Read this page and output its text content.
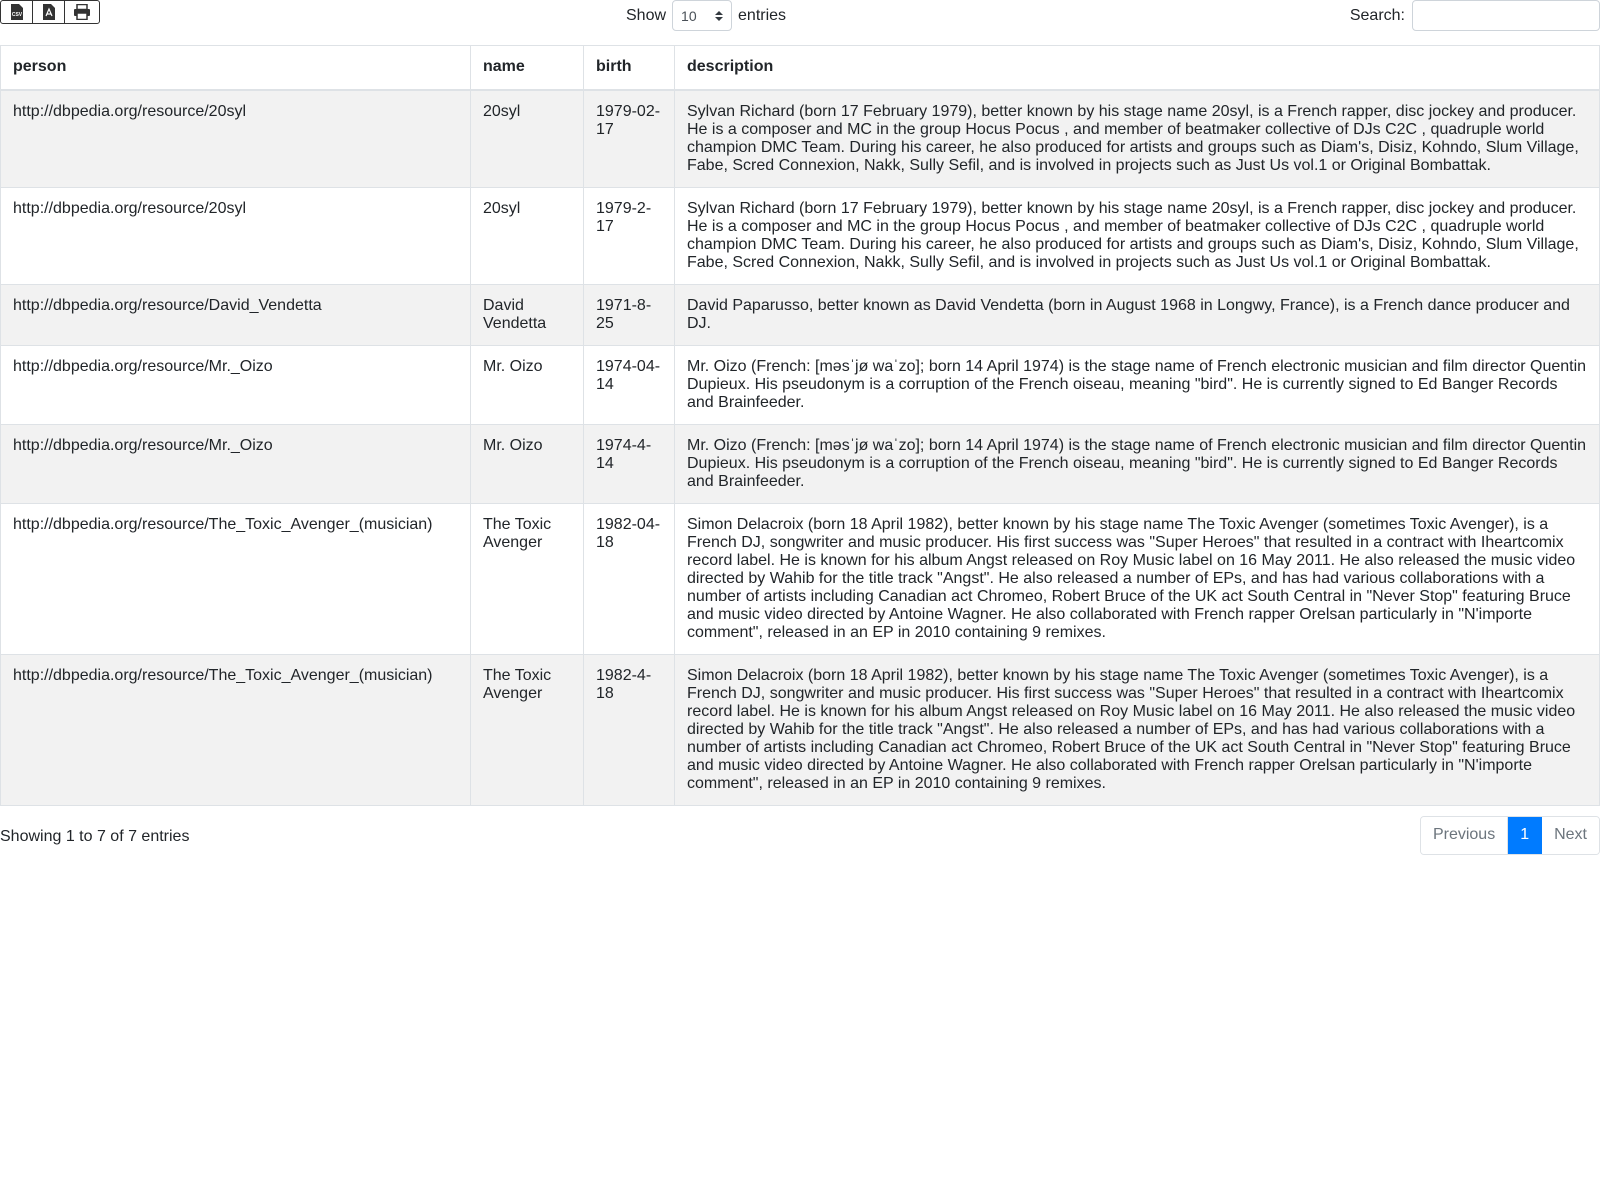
CSV	Show 10	entries	Search:
person	name	birth	description
http://dbpedia.org/resource/20syl	20syl	1979-02-17	Sylvan Richard (born 17 February 1979), better known by his stage name 20syl, is a French rapper, disc jockey and producer. He is a composer and MC in the group Hocus Pocus , and member of beatmaker collective of DJs C2C , quadruple world champion DMC Team. During his career, he also produced for artists and groups such as Diam's, Disiz, Kohndo, Slum Village, Fabe, Scred Connexion, Nakk, Sully Sefil, and is involved in projects such as Just Us vol.1 or Original Bombattak.
http://dbpedia.org/resource/20syl	20syl	1979-2-17	Sylvan Richard (born 17 February 1979), better known by his stage name 20syl, is a French rapper, disc jockey and producer. He is a composer and MC in the group Hocus Pocus , and member of beatmaker collective of DJs C2C , quadruple world champion DMC Team. During his career, he also produced for artists and groups such as Diam's, Disiz, Kohndo, Slum Village, Fabe, Scred Connexion, Nakk, Sully Sefil, and is involved in projects such as Just Us vol.1 or Original Bombattak.
http://dbpedia.org/resource/David_Vendetta	David Vendetta	1971-8-25	David Paparusso, better known as David Vendetta (born in August 1968 in Longwy, France), is a French dance producer and DJ.
http://dbpedia.org/resource/Mr._Oizo	Mr. Oizo	1974-04-14	Mr. Oizo (French: [məsˈjø waˈzo]; born 14 April 1974) is the stage name of French electronic musician and film director Quentin Dupieux. His pseudonym is a corruption of the French oiseau, meaning "bird". He is currently signed to Ed Banger Records and Brainfeeder.
http://dbpedia.org/resource/Mr._Oizo	Mr. Oizo	1974-4-14	Mr. Oizo (French: [məsˈjø waˈzo]; born 14 April 1974) is the stage name of French electronic musician and film director Quentin Dupieux. His pseudonym is a corruption of the French oiseau, meaning "bird". He is currently signed to Ed Banger Records and Brainfeeder.
http://dbpedia.org/resource/The_Toxic_Avenger_(musician)	The Toxic Avenger	1982-04-18	Simon Delacroix (born 18 April 1982), better known by his stage name The Toxic Avenger (sometimes Toxic Avenger), is a French DJ, songwriter and music producer. His first success was "Super Heroes" that resulted in a contract with Iheartcomix record label. He is known for his album Angst released on Roy Music label on 16 May 2011. He also released the music video directed by Wahib for the title track "Angst". He also released a number of EPs, and has had various collaborations with a number of artists including Canadian act Chromeo, Robert Bruce of the UK act South Central in "Never Stop" featuring Bruce and music video directed by Antoine Wagner. He also collaborated with French rapper Orelsan particularly in "N'importe comment", released in an EP in 2010 containing 9 remixes.
http://dbpedia.org/resource/The_Toxic_Avenger_(musician)	The Toxic Avenger	1982-4-18	Simon Delacroix (born 18 April 1982), better known by his stage name The Toxic Avenger (sometimes Toxic Avenger), is a French DJ, songwriter and music producer. His first success was "Super Heroes" that resulted in a contract with Iheartcomix record label. He is known for his album Angst released on Roy Music label on 16 May 2011. He also released the music video directed by Wahib for the title track "Angst". He also released a number of EPs, and has had various collaborations with a number of artists including Canadian act Chromeo, Robert Bruce of the UK act South Central in "Never Stop" featuring Bruce and music video directed by Antoine Wagner. He also collaborated with French rapper Orelsan particularly in "N'importe comment", released in an EP in 2010 containing 9 remixes.
Showing 1 to 7 of 7 entries	Previous	1	Next
